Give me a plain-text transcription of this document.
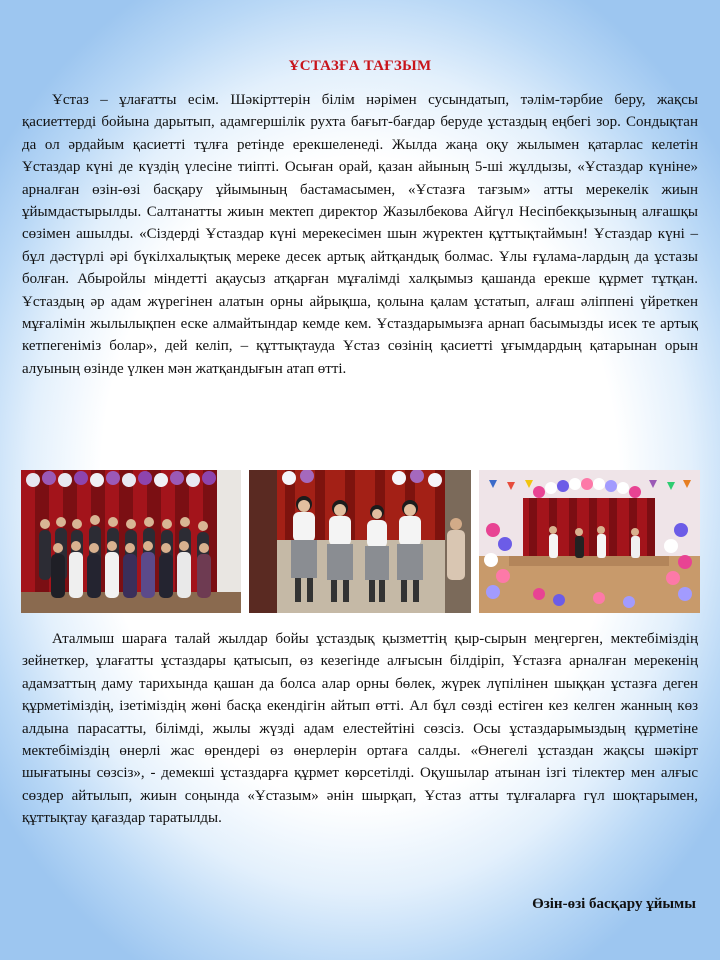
ҰСТАЗҒА ТАҒЗЫМ

Ұстаз – ұлағатты есім. Шәкірттерін білім нәрімен сусындатып, тәлім-тәрбие беру, жақсы қасиеттерді бойына дарытып, адамгершілік рухта бағыт-бағдар беруде ұстаздың еңбегі зор. Сондықтан да ол әрдайым қасиетті тұлға ретінде ерекшеленеді. Жылда жаңа оқу жылымен қатарлас келетін Ұстаздар күні де күздің үлесіне тиіпті. Осыған орай, қазан айының 5-ші жұлдызы, «Ұстаздар күніне» арналған өзін-өзі басқару ұйымының бастамасымен, «Ұстазға тағзым» атты мерекелік жиын ұйымдастырылды. Салтанатты жиын мектеп директор Жазылбекова Айгүл Несіпбекқызының алғашқы сөзімен ашылды. «Сіздерді Ұстаздар күні мерекесімен шын жүректен құттықтаймын! Ұстаздар күні – бұл дәстүрлі әрі бүкілхалықтық мереке десек артық айтқандық болмас. Ұлы ғұлама-лардың да ұстазы болған. Абыройлы міндетті ақаусыз атқарған мұғалімді халқымыз қашанда ерекше құрмет тұтқан. Ұстаздың әр адам жүрегінен алатын орны айрықша, қолына қалам ұстатып, алғаш әліппені үйреткен мұғалімін жылылықпен еске алмайтындар кемде кем. Ұстаздарымызға арнап басымызды исек те артық кетпегеніміз болар», дей келіп, – құттықтауда Ұстаз сөзінің қасиетті ұғымдардың қатарынан орын алуының өзінде үлкен мән жатқандығын атап өтті.

Аталмыш шараға талай жылдар бойы ұстаздық қызметтің қыр-сырын меңгерген, мектебіміздің зейнеткер, ұлағатты ұстаздары қатысып, өз кезегінде алғысын білдіріп, Ұстазға арналған мерекенің адамзаттың даму тарихында қашан да болса алар орны бөлек, жүрек лүпілінен шыққан ұстазға деген құрметіміздің, ізетіміздің жөні басқа екендігін айтып өтті. Ал бұл сөзді естіген кез келген жанның көз алдына парасатты, білімді, жылы жүзді адам елестейтіні сөзсіз. Осы ұстаздарымыздың құрметіне мектебіміздің өнерлі жас өрендері өз өнерлерін ортаға салды. «Өнегелі ұстаздан жақсы шәкірт шығатыны сөзсіз», - демекші ұстаздарға құрмет көрсетілді. Оқушылар атынан ізгі тілектер мен алғыс сөздер айтылып, жиын соңында «Ұстазым» әнін шырқап, Ұстаз атты тұлғаларға гүл шоқтарымен, құттықтау қағаздар таратылды.

Өзін-өзі басқару ұйымы
